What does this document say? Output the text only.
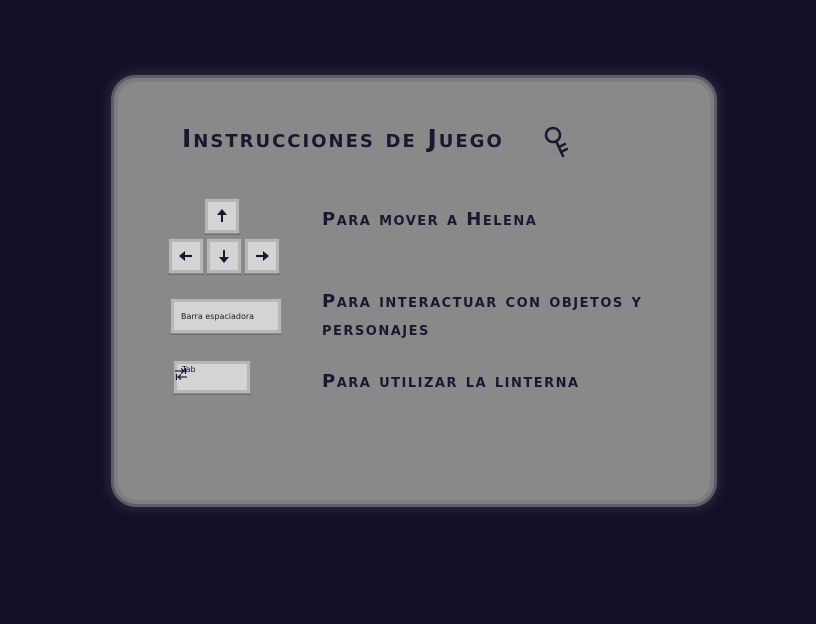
Instrucciones de Juego

Para mover a Helena

Barra espaciadora

Para interactuar con objetos y personajes

Tab

Para utilizar la linterna
